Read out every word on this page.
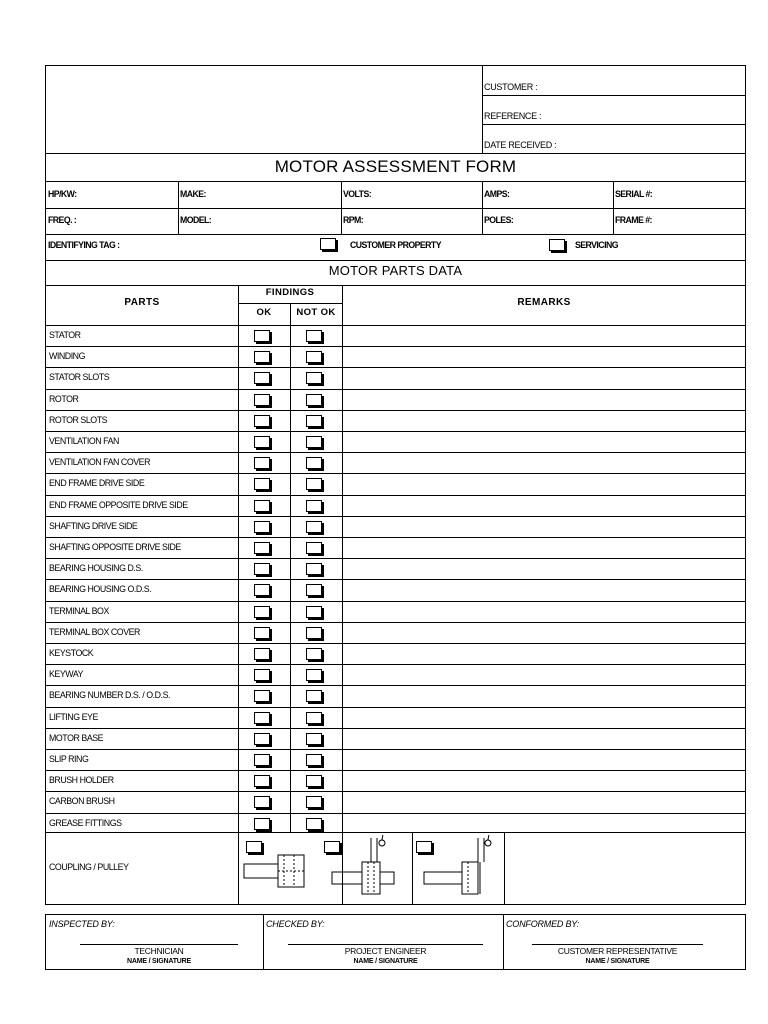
CUSTOMER :
REFERENCE :
DATE RECEIVED :
MOTOR ASSESSMENT FORM
HP/KW:	MAKE:	VOLTS:	AMPS:	SERIAL #:
FREQ. :	MODEL:	RPM:	POLES:	FRAME #:
IDENTIFYING TAG :	CUSTOMER PROPERTY	SERVICING
MOTOR PARTS DATA
PARTS
FINDINGS
OK	NOT OK
REMARKS
STATOR
WINDING
STATOR SLOTS
ROTOR
ROTOR SLOTS
VENTILATION FAN
VENTILATION FAN COVER
END FRAME DRIVE SIDE
END FRAME OPPOSITE DRIVE SIDE
SHAFTING DRIVE SIDE
SHAFTING OPPOSITE DRIVE SIDE
BEARING HOUSING D.S.
BEARING HOUSING O.D.S.
TERMINAL BOX
TERMINAL BOX COVER
KEYSTOCK
KEYWAY
BEARING NUMBER D.S. / O.D.S.
LIFTING EYE
MOTOR BASE
SLIP RING
BRUSH HOLDER
CARBON BRUSH
GREASE FITTINGS
COUPLING / PULLEY
INSPECTED BY:	CHECKED BY:	CONFORMED BY:
TECHNICIAN	PROJECT ENGINEER	CUSTOMER REPRESENTATIVE
NAME / SIGNATURE	NAME / SIGNATURE	NAME / SIGNATURE
